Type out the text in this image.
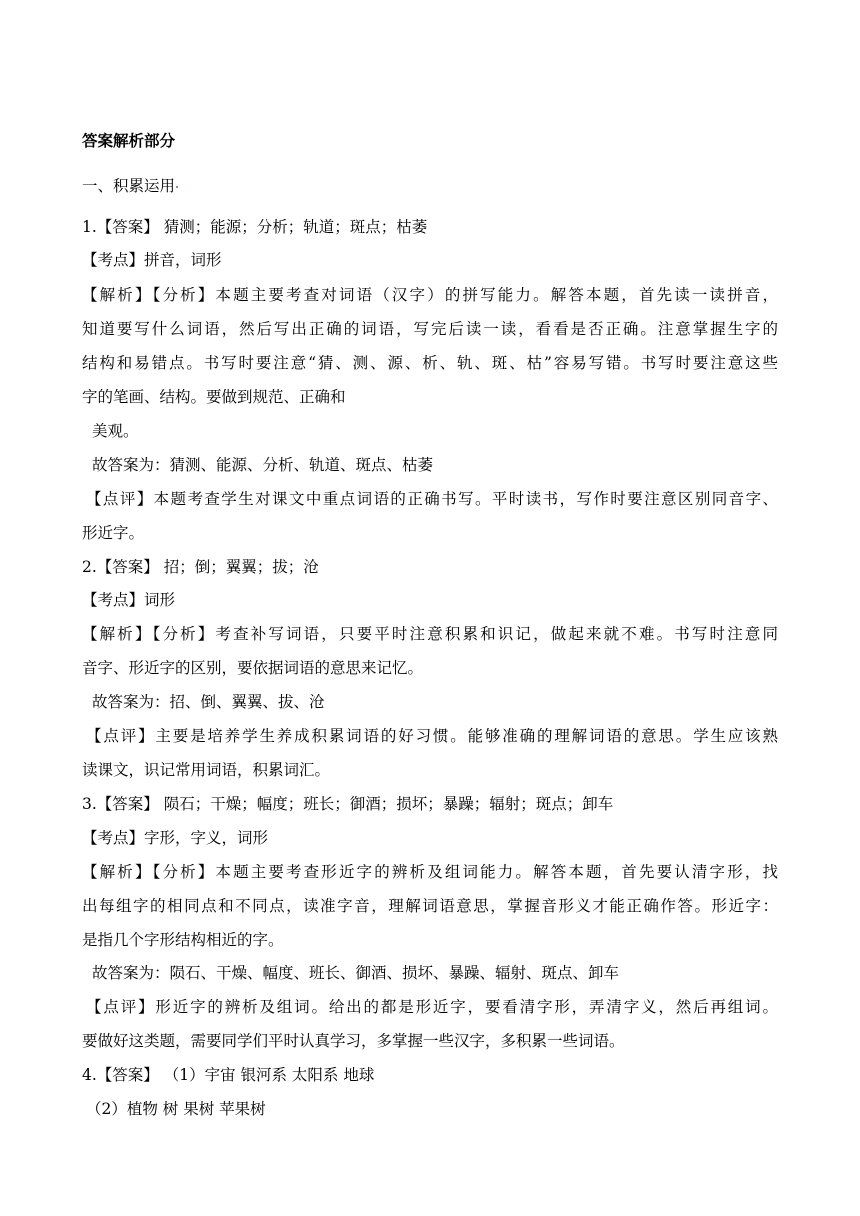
答案解析部分
一、积累运用
1.【答案】 猜测；能源；分析；轨道；斑点；枯萎
【考点】拼音，词形
【解析】【分析】本题主要考查对词语（汉字）的拼写能力。解答本题，首先读一读拼音，
知道要写什么词语，然后写出正确的词语，写完后读一读，看看是否正确。注意掌握生字的
结构和易错点。书写时要注意“猜、测、源、析、轨、斑、枯”容易写错。书写时要注意这些
字的笔画、结构。要做到规范、正确和
美观。
故答案为：猜测、能源、分析、轨道、斑点、枯萎
【点评】本题考查学生对课文中重点词语的正确书写。平时读书，写作时要注意区别同音字、
形近字。
2.【答案】 招；倒；翼翼；拔；沧
【考点】词形
【解析】【分析】考查补写词语，只要平时注意积累和识记，做起来就不难。书写时注意同
音字、形近字的区别，要依据词语的意思来记忆。
故答案为：招、倒、翼翼、拔、沧
【点评】主要是培养学生养成积累词语的好习惯。能够准确的理解词语的意思。学生应该熟
读课文，识记常用词语，积累词汇。
3.【答案】 陨石；干燥；幅度；班长；御酒；损坏；暴躁；辐射；斑点；卸车
【考点】字形，字义，词形
【解析】【分析】本题主要考查形近字的辨析及组词能力。解答本题，首先要认清字形，找
出每组字的相同点和不同点，读准字音，理解词语意思，掌握音形义才能正确作答。形近字：
是指几个字形结构相近的字。
故答案为：陨石、干燥、幅度、班长、御酒、损坏、暴躁、辐射、斑点、卸车
【点评】形近字的辨析及组词。给出的都是形近字，要看清字形，弄清字义，然后再组词。
要做好这类题，需要同学们平时认真学习，多掌握一些汉字，多积累一些词语。
4.【答案】 （1）宇宙 银河系 太阳系 地球
（2）植物 树 果树 苹果树
